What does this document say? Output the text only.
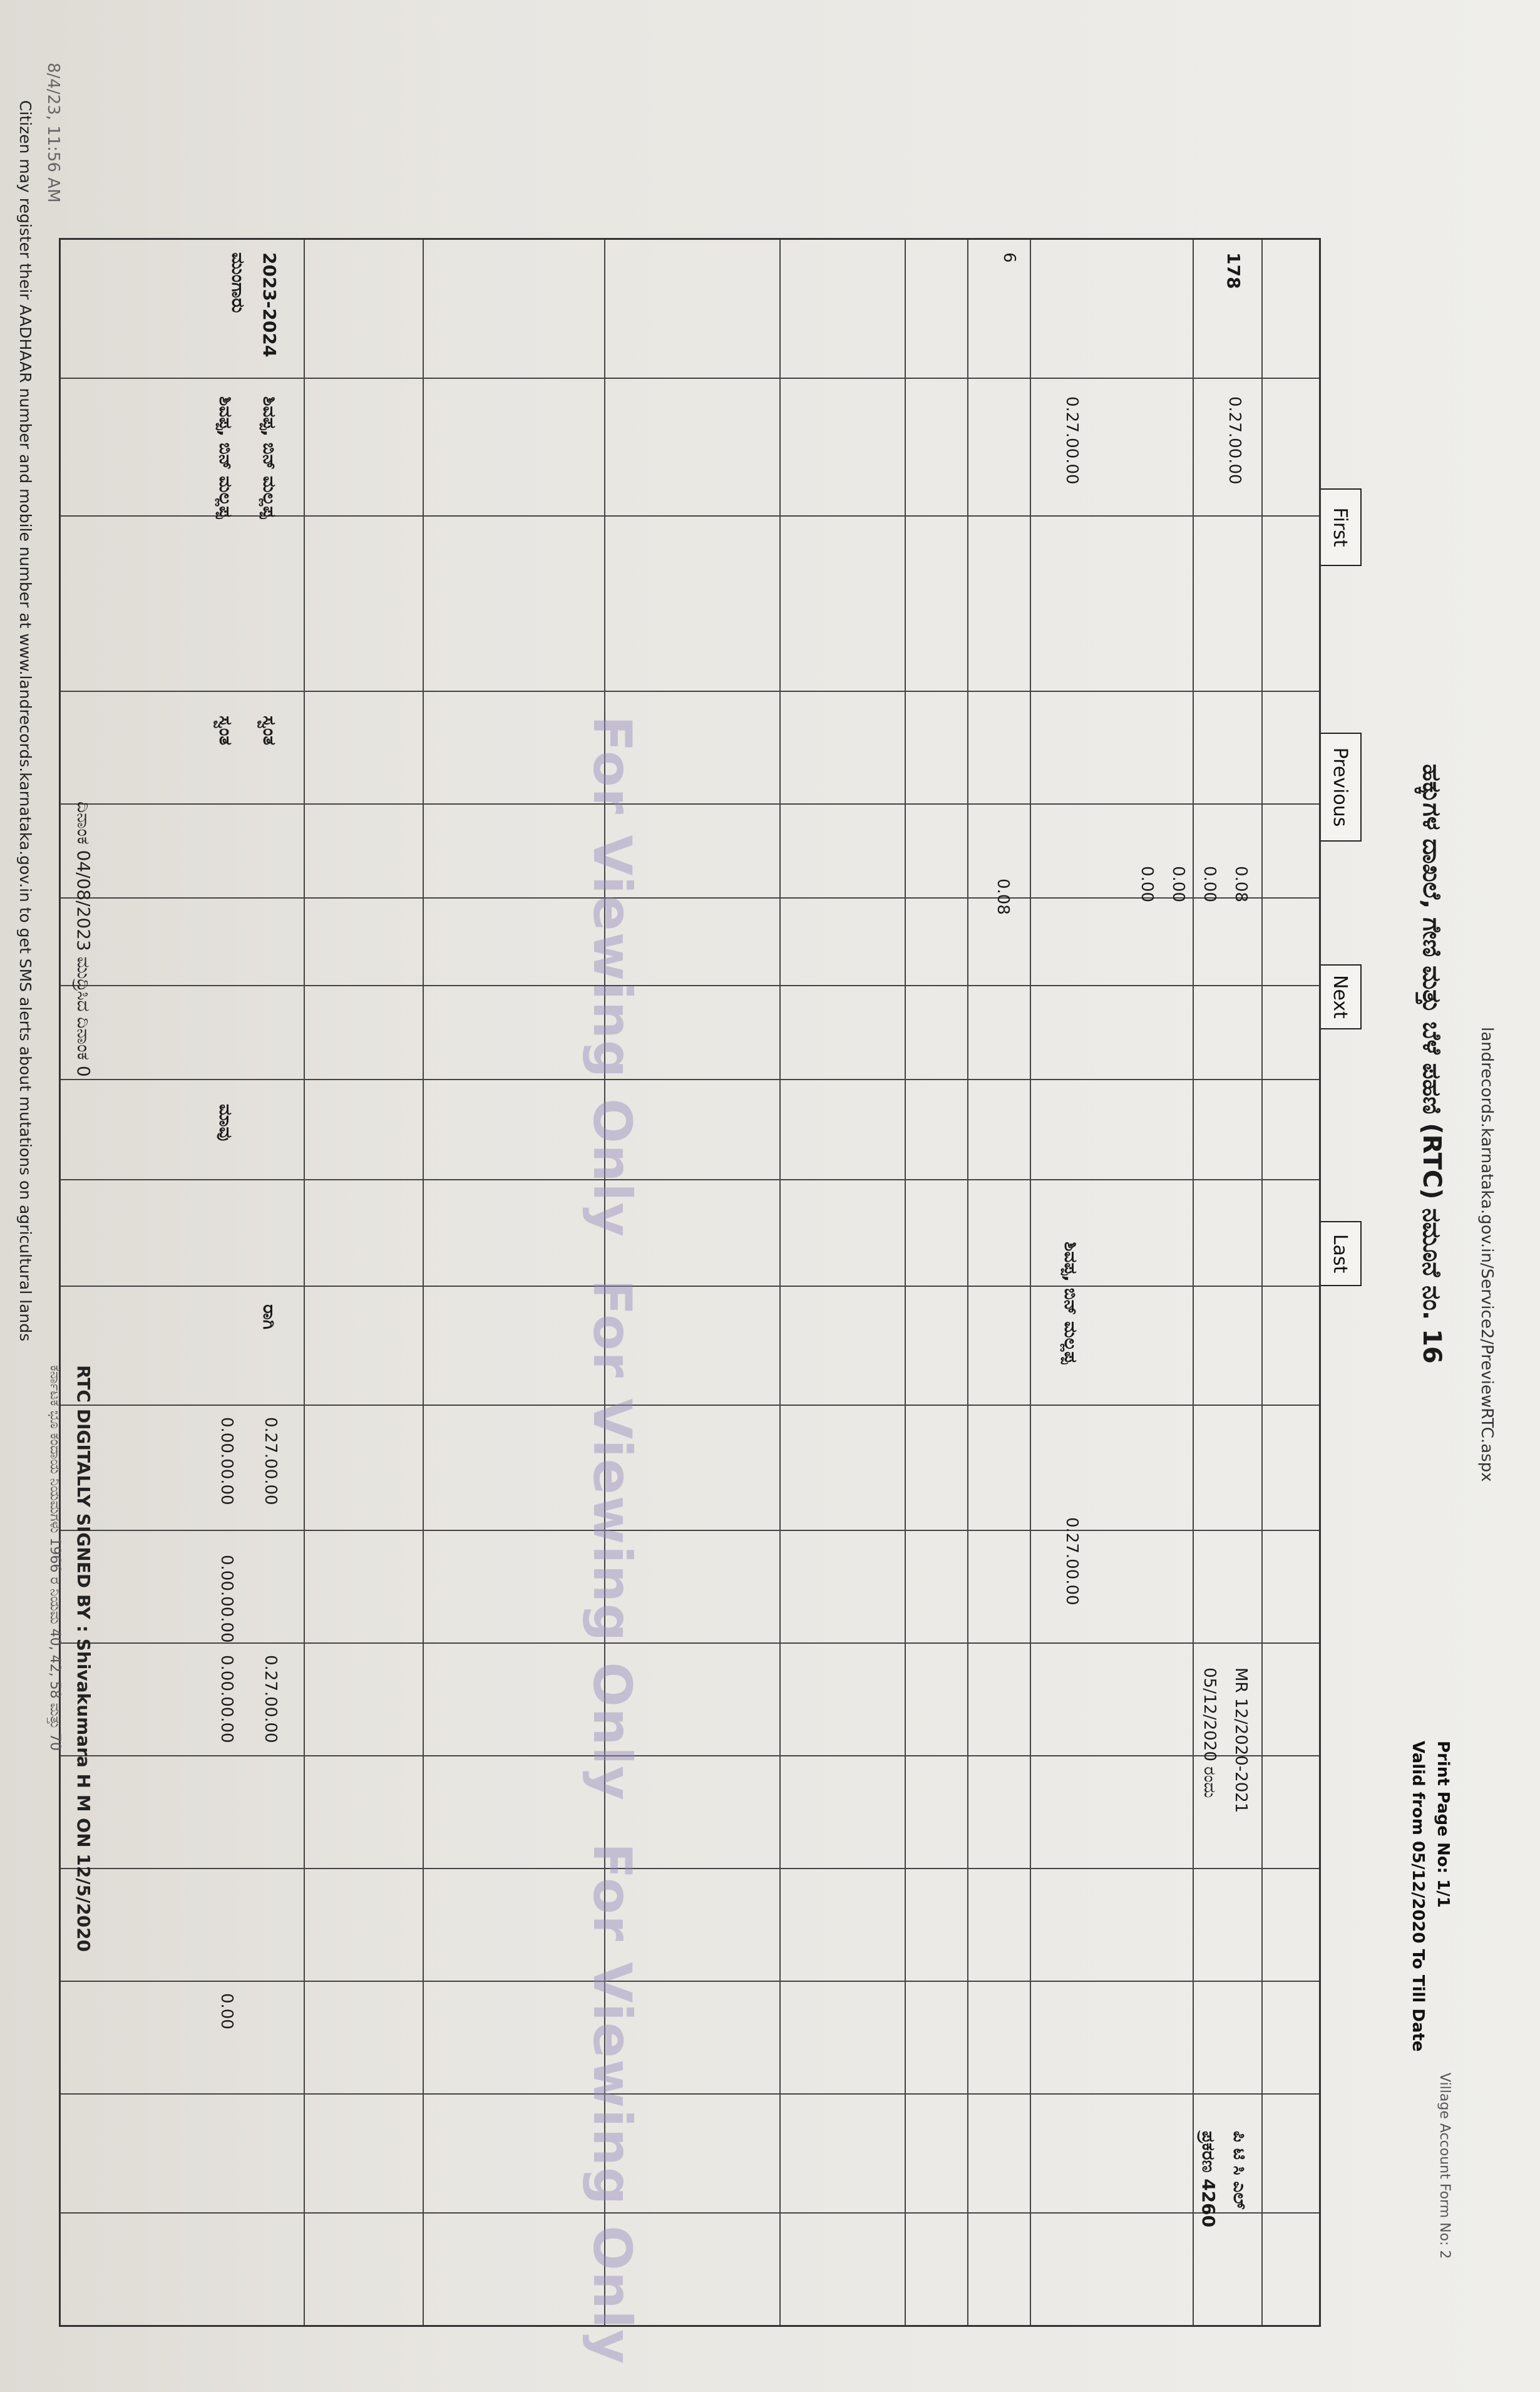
8/4/23, 11:56 AM
landrecords.karnataka.gov.in/Service2/PreviewRTC.aspx
First
Previous
Next
Last	ಹಕ್ಕುಗಳ ದಾಖಲೆ, ಗೇಣಿ ಮತ್ತು ಬೆಳೆ ಪಹಣಿ (RTC) ನಮೂನೆ ನಂ. 16
Print Page No: 1/1
Village Account Form No: 2
Valid from 05/12/2020 To Till Date
178
6
0.27.00.00
0.27.00.00
0.08
0.00
0.00
0.00
0.08
ಶಿವಪ್ಪ, ಬಿನ್ ಮಲ್ಲಪ್ಪ
0.27.00.00
MR 12/2020-2021
05/12/2020 ರಂದು
ಪಿ ಟಿ ಸಿ ಎಲ್
ಪ್ರಕರಣ 4260
2023-2024
ಮುಂಗಾರು
ಶಿವಪ್ಪ, ಬಿನ್ ಮಲ್ಲಪ್ಪ
ಶಿವಪ್ಪ, ಬಿನ್ ಮಲ್ಲಪ್ಪ
ಸ್ವಂತ
ಸ್ವಂತ
ಮಾವು
ರಾಗಿ
0.27.00.00
0.00.00.00
0.00.00.00
0.27.00.00
0.00.00.00
0.00
For Viewing Only
For Viewing Only
For Viewing Only
ದಿನಾಂಕ 04/08/2023 ಮುದ್ರಿಸಿದ ದಿನಾಂಕ 0
RTC DIGITALLY SIGNED BY : Shivakumara H M ON 12/5/2020
ಕರ್ನಾಟಕ ಭೂ ಕಂದಾಯ ನಿಯಮಗಳು 1966 ರ ನಿಯಮ 40, 42, 58 ಮತ್ತು 70
Citizen may register their AADHAAR number and mobile number at www.landrecords.karnataka.gov.in to get SMS alerts about mutations on agricultural lands
